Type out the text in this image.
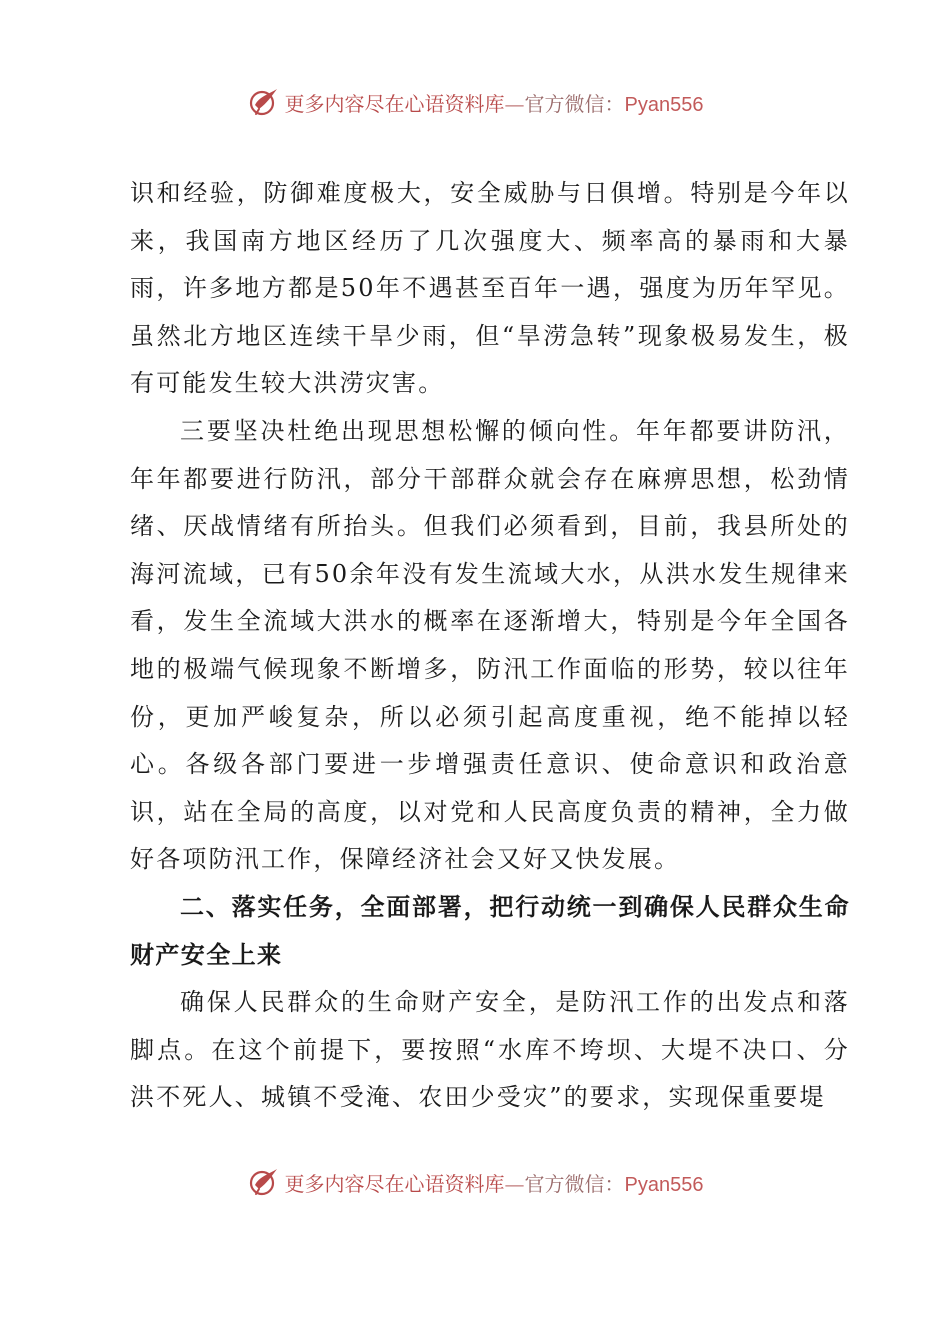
更多内容尽在心语资料库—官方微信：Pyan556

识和经验，防御难度极大，安全威胁与日俱增。特别是今年以来，我国南方地区经历了几次强度大、频率高的暴雨和大暴雨，许多地方都是50年不遇甚至百年一遇，强度为历年罕见。虽然北方地区连续干旱少雨，但“旱涝急转”现象极易发生，极有可能发生较大洪涝灾害。

三要坚决杜绝出现思想松懈的倾向性。年年都要讲防汛，年年都要进行防汛，部分干部群众就会存在麻痹思想，松劲情绪、厌战情绪有所抬头。但我们必须看到，目前，我县所处的海河流域，已有50余年没有发生流域大水，从洪水发生规律来看，发生全流域大洪水的概率在逐渐增大，特别是今年全国各地的极端气候现象不断增多，防汛工作面临的形势，较以往年份，更加严峻复杂，所以必须引起高度重视，绝不能掉以轻心。各级各部门要进一步增强责任意识、使命意识和政治意识，站在全局的高度，以对党和人民高度负责的精神，全力做好各项防汛工作，保障经济社会又好又快发展。

二、落实任务，全面部署，把行动统一到确保人民群众生命财产安全上来

确保人民群众的生命财产安全，是防汛工作的出发点和落脚点。在这个前提下，要按照“水库不垮坝、大堤不决口、分洪不死人、城镇不受淹、农田少受灾”的要求，实现保重要堤

更多内容尽在心语资料库—官方微信：Pyan556
